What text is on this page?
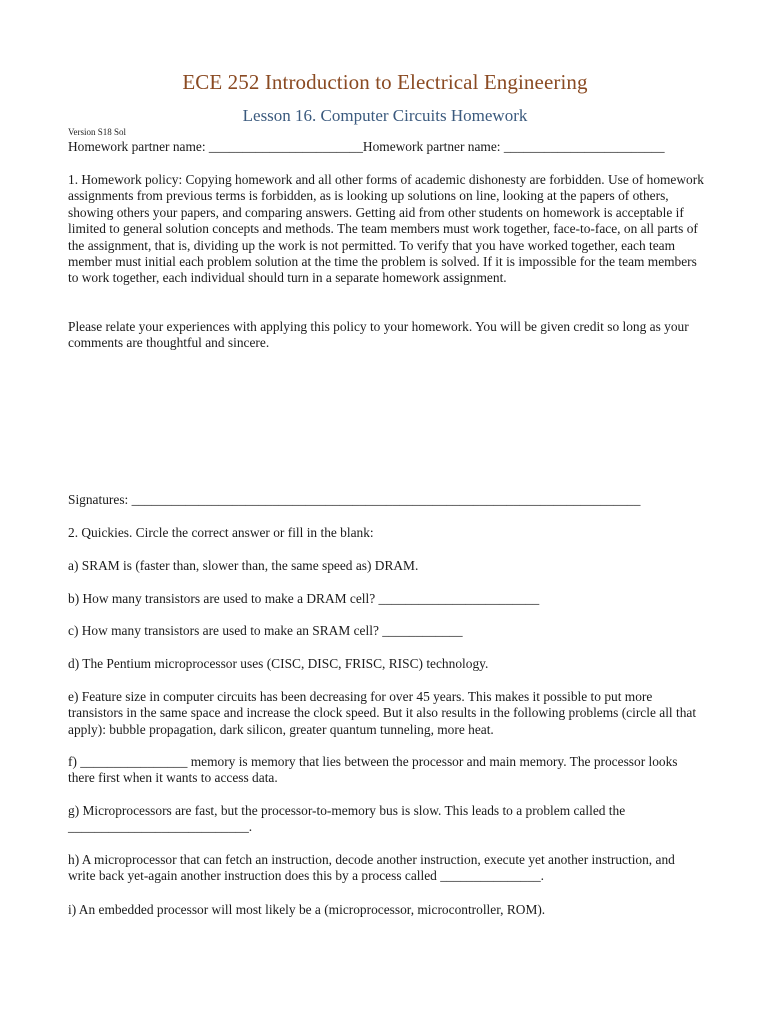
ECE 252 Introduction to Electrical Engineering
Lesson 16. Computer Circuits Homework
Version S18 Sol
Homework partner name: _______________________Homework partner name: ________________________
1. Homework policy: Copying homework and all other forms of academic dishonesty are forbidden. Use of homework assignments from previous terms is forbidden, as is looking up solutions on line, looking at the papers of others, showing others your papers, and comparing answers. Getting aid from other students on homework is acceptable if limited to general solution concepts and methods. The team members must work together, face-to-face, on all parts of the assignment, that is, dividing up the work is not permitted. To verify that you have worked together, each team member must initial each problem solution at the time the problem is solved. If it is impossible for the team members to work together, each individual should turn in a separate homework assignment.
Please relate your experiences with applying this policy to your homework. You will be given credit so long as your comments are thoughtful and sincere.
Signatures: ____________________________________________________________________________
2. Quickies. Circle the correct answer or fill in the blank:
a) SRAM is (faster than, slower than, the same speed as) DRAM.
b) How many transistors are used to make a DRAM cell? ________________________
c) How many transistors are used to make an SRAM cell? ____________
d) The Pentium microprocessor uses (CISC, DISC, FRISC, RISC) technology.
e) Feature size in computer circuits has been decreasing for over 45 years. This makes it possible to put more transistors in the same space and increase the clock speed. But it also results in the following problems (circle all that apply): bubble propagation, dark silicon, greater quantum tunneling, more heat.
f) ________________ memory is memory that lies between the processor and main memory. The processor looks there first when it wants to access data.
g) Microprocessors are fast, but the processor-to-memory bus is slow. This leads to a problem called the ___________________________.
h) A microprocessor that can fetch an instruction, decode another instruction, execute yet another instruction, and write back yet-again another instruction does this by a process called _______________.
i) An embedded processor will most likely be a (microprocessor, microcontroller, ROM).
